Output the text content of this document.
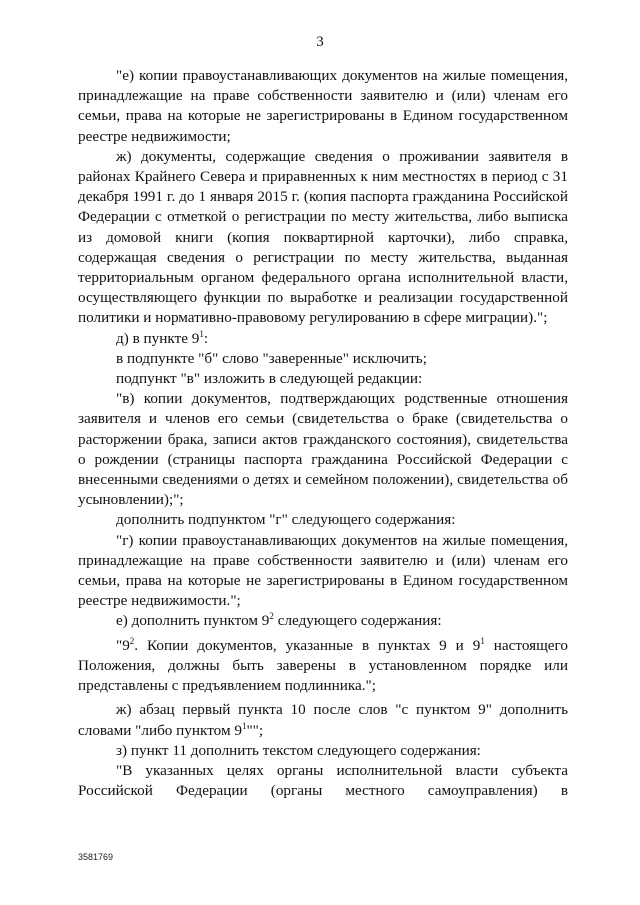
3

"е) копии правоустанавливающих документов на жилые помещения, принадлежащие на праве собственности заявителю и (или) членам его семьи, права на которые не зарегистрированы в Едином государственном реестре недвижимости;

ж) документы, содержащие сведения о проживании заявителя в районах Крайнего Севера и приравненных к ним местностях в период с 31 декабря 1991 г. до 1 января 2015 г. (копия паспорта гражданина Российской Федерации с отметкой о регистрации по месту жительства, либо выписка из домовой книги (копия поквартирной карточки), либо справка, содержащая сведения о регистрации по месту жительства, выданная территориальным органом федерального органа исполнительной власти, осуществляющего функции по выработке и реализации государственной политики и нормативно-правовому регулированию в сфере миграции).";

д) в пункте $9^1$:

в подпункте "б" слово "заверенные" исключить;

подпункт "в" изложить в следующей редакции:

"в) копии документов, подтверждающих родственные отношения заявителя и членов его семьи (свидетельства о браке (свидетельства о расторжении брака, записи актов гражданского состояния), свидетельства о рождении (страницы паспорта гражданина Российской Федерации с внесенными сведениями о детях и семейном положении), свидетельства об усыновлении);";

дополнить подпунктом "г" следующего содержания:

"г) копии правоустанавливающих документов на жилые помещения, принадлежащие на праве собственности заявителю и (или) членам его семьи, права на которые не зарегистрированы в Едином государственном реестре недвижимости.";

е) дополнить пунктом $9^2$ следующего содержания:

"$9^2$. Копии документов, указанные в пунктах 9 и $9^1$ настоящего Положения, должны быть заверены в установленном порядке или представлены с предъявлением подлинника.";

ж) абзац первый пункта 10 после слов "с пунктом 9" дополнить словами "либо пунктом $9^1$"";

з) пункт 11 дополнить текстом следующего содержания:

"В указанных целях органы исполнительной власти субъекта Российской Федерации (органы местного самоуправления) в

3581769
